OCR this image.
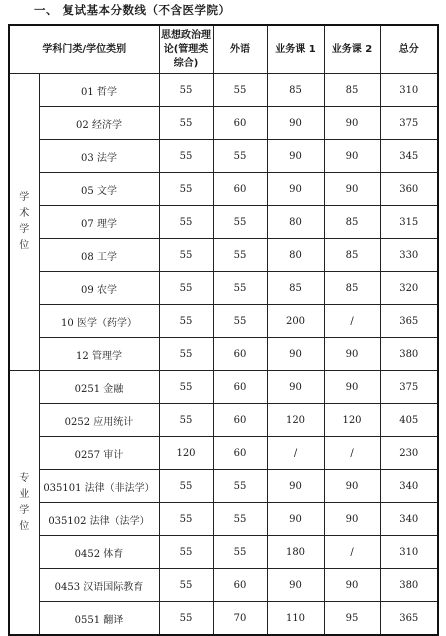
一、 复试基本分数线（不含医学院）
学科门类/学位类别		思想政治理论(管理类综合)	外语	业务课 1	业务课 2	总分
学术学位	01 哲学	55	55	85	85	310
	02 经济学	55	60	90	90	375
	03 法学	55	55	90	90	345
	05 文学	55	60	90	90	360
	07 理学	55	55	80	85	315
	08 工学	55	55	80	85	330
	09 农学	55	55	85	85	320
	10 医学（药学）	55	55	200	/	365
	12 管理学	55	60	90	90	380
专业学位	0251 金融	55	60	90	90	375
	0252 应用统计	55	60	120	120	405
	0257 审计	120	60	/	/	230
	035101 法律（非法学）	55	55	90	90	340
	035102 法律（法学）	55	55	90	90	340
	0452 体育	55	55	180	/	310
	0453 汉语国际教育	55	60	90	90	380
	0551 翻译	55	70	110	95	365
